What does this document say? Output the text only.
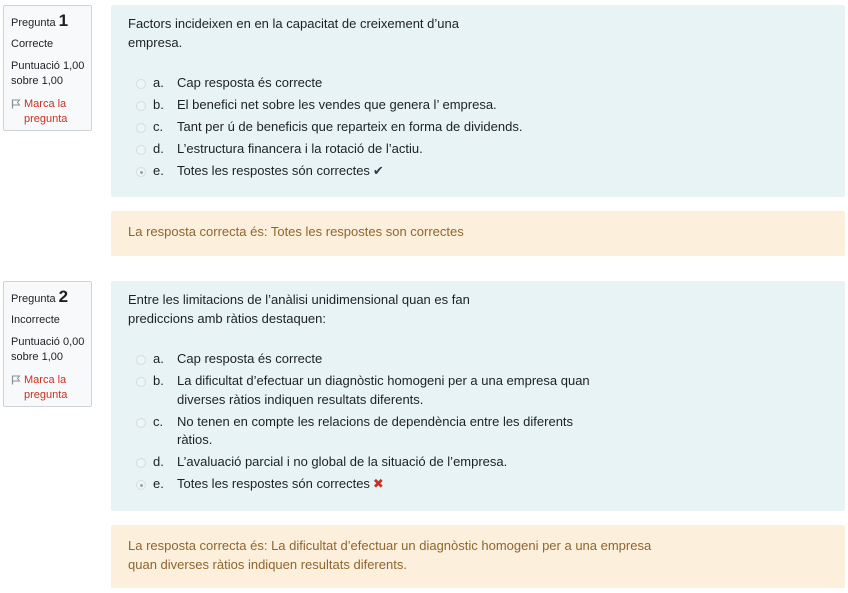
Pregunta 1
Correcte
Puntuació 1,00 sobre 1,00
Marca la pregunta
Factors incideixen en en la capacitat de creixement d’una empresa.
a.	Cap resposta és correcte
b.	El benefici net sobre les vendes que genera l’ empresa.
c.	Tant per ú de beneficis que reparteix en forma de dividends.
d.	L’estructura financera i la rotació de l’actiu.
e.	Totes les respostes són correctes ✔
La resposta correcta és: Totes les respostes son correctes
Pregunta 2
Incorrecte
Puntuació 0,00 sobre 1,00
Marca la pregunta
Entre les limitacions de l’anàlisi unidimensional quan es fan prediccions amb ràtios destaquen:
a.	Cap resposta és correcte
b.	La dificultat d’efectuar un diagnòstic homogeni per a una empresa quan diverses ràtios indiquen resultats diferents.
c.	No tenen en compte les relacions de dependència entre les diferents ràtios.
d.	L’avaluació parcial i no global de la situació de l’empresa.
e.	Totes les respostes són correctes ✖
La resposta correcta és: La dificultat d’efectuar un diagnòstic homogeni per a una empresa quan diverses ràtios indiquen resultats diferents.
